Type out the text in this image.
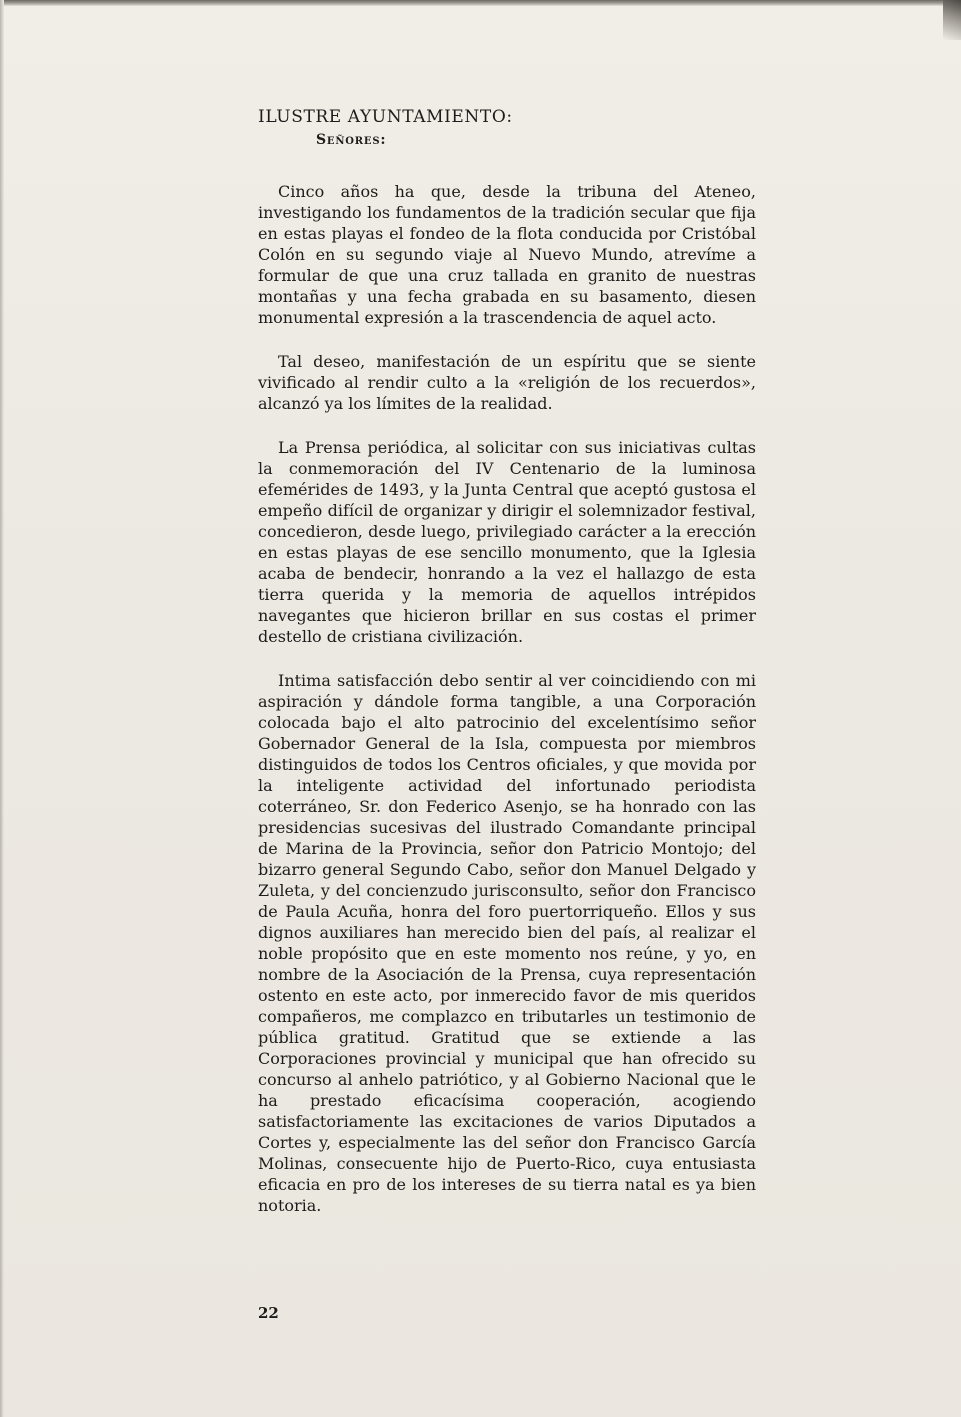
ILUSTRE AYUNTAMIENTO:

Señores:

Cinco años ha que, desde la tribuna del Ateneo, investigando los fundamentos de la tradición secular que fija en estas playas el fondeo de la flota conducida por Cristóbal Colón en su segundo viaje al Nuevo Mundo, atrevíme a formular de que una cruz tallada en granito de nuestras montañas y una fecha grabada en su basamento, diesen monumental expresión a la trascendencia de aquel acto.

Tal deseo, manifestación de un espíritu que se siente vivificado al rendir culto a la «religión de los recuerdos», alcanzó ya los límites de la realidad.

La Prensa periódica, al solicitar con sus iniciativas cultas la conmemoración del IV Centenario de la luminosa efemérides de 1493, y la Junta Central que aceptó gustosa el empeño difícil de organizar y dirigir el solemnizador festival, concedieron, desde luego, privilegiado carácter a la erección en estas playas de ese sencillo monumento, que la Iglesia acaba de bendecir, honrando a la vez el hallazgo de esta tierra querida y la memoria de aquellos intrépidos navegantes que hicieron brillar en sus costas el primer destello de cristiana civilización.

Intima satisfacción debo sentir al ver coincidiendo con mi aspiración y dándole forma tangible, a una Corporación colocada bajo el alto patrocinio del excelentísimo señor Gobernador General de la Isla, compuesta por miembros distinguidos de todos los Centros oficiales, y que movida por la inteligente actividad del infortunado periodista coterráneo, Sr. don Federico Asenjo, se ha honrado con las presidencias sucesivas del ilustrado Comandante principal de Marina de la Provincia, señor don Patricio Montojo; del bizarro general Segundo Cabo, señor don Manuel Delgado y Zuleta, y del concienzudo jurisconsulto, señor don Francisco de Paula Acuña, honra del foro puertorriqueño. Ellos y sus dignos auxiliares han merecido bien del país, al realizar el noble propósito que en este momento nos reúne, y yo, en nombre de la Asociación de la Prensa, cuya representación ostento en este acto, por inmerecido favor de mis queridos compañeros, me complazco en tributarles un testimonio de pública gratitud. Gratitud que se extiende a las Corporaciones provincial y municipal que han ofrecido su concurso al anhelo patriótico, y al Gobierno Nacional que le ha prestado eficacísima cooperación, acogiendo satisfactoriamente las excitaciones de varios Diputados a Cortes y, especialmente las del señor don Francisco García Molinas, consecuente hijo de Puerto-Rico, cuya entusiasta eficacia en pro de los intereses de su tierra natal es ya bien notoria.

22
